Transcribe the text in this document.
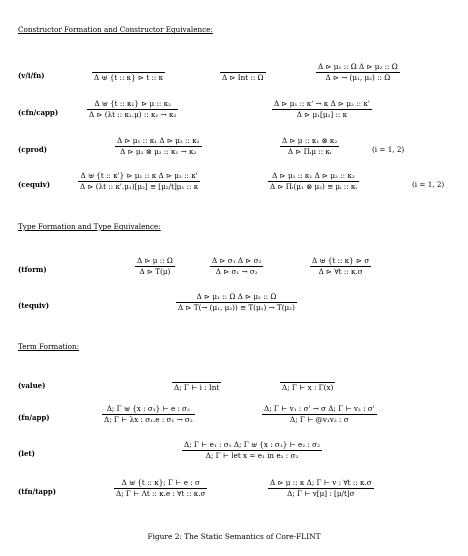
Constructor Formation and Constructor Equivalence:
(v/i/fn)	Δ ⊎ {t :: κ} ⊳ t :: κ	Δ ⊳ Int :: Ω
Δ ⊳ μ₁ :: Ω Δ ⊳ μ₂ :: Ω
Δ ⊳ → (μ₁, μ₂) :: Ω
(cfn/capp)
Δ ⊎ {t :: κ₁} ⊳ μ :: κ₂
Δ ⊳ (λt :: κ₁.μ) :: κ₁ → κ₂
Δ ⊳ μ₁ :: κ' → κ Δ ⊳ μ₂ :: κ'
Δ ⊳ μ₁[μ₂] :: κ
(cprod)
Δ ⊳ μ₁ :: κ₁ Δ ⊳ μ₂ :: κ₂
Δ ⊳ μ₁ ⊗ μ₂ :: κ₁ → κ₂
Δ ⊳ μ :: κ₁ ⊗ κ₂
Δ ⊳ Πᵢμ :: κᵢ	(i = 1, 2)
(cequiv)
Δ ⊎ {t :: κ'} ⊳ μ₁ :: κ Δ ⊳ μ₂ :: κ'
Δ ⊳ (λt :: κ'.μ₁)[μ₂] ≡ [μ₂/t]μ₁ :: κ
Δ ⊳ μ₁ :: κ₁ Δ ⊳ μ₂ :: κ₂
Δ ⊳ Πᵢ(μ₁ ⊗ μ₂) ≡ μᵢ :: κᵢ	(i = 1, 2)
Type Formation and Type Equivalence:
(tform)
Δ ⊳ μ :: Ω
Δ ⊳ T(μ)
Δ ⊳ σ₁ Δ ⊳ σ₂
Δ ⊳ σ₁ → σ₂
Δ ⊎ {t :: κ} ⊳ σ
Δ ⊳ ∀t :: κ.σ
(tequiv)
Δ ⊳ μ₁ :: Ω Δ ⊳ μ₂ :: Ω
Δ ⊳ T(→ (μ₁, μ₂)) ≡ T(μ₁) → T(μ₂)
Term Formation:
(value)	Δ; Γ ⊢ i : Int	Δ; Γ ⊢ x : Γ(x)
(fn/app)
Δ; Γ ⊎ {x : σ₁} ⊢ e : σ₂
Δ; Γ ⊢ λx : σ₁.e : σ₁ → σ₂
Δ; Γ ⊢ v₁ : σ' → σ Δ; Γ ⊢ v₂ : σ'
Δ; Γ ⊢ @v₁v₂ : σ
(let)
Δ; Γ ⊢ e₁ : σ₁ Δ; Γ ⊎ {x : σ₁} ⊢ e₂ : σ₂
Δ; Γ ⊢ let x = e₁ in e₂ : σ₂
(tfn/tapp)
Δ ⊎ {t :: κ}; Γ ⊢ e : σ
Δ; Γ ⊢ Λt :: κ.e : ∀t :: κ.σ
Δ ⊳ μ :: κ Δ; Γ ⊢ v : ∀t :: κ.σ
Δ; Γ ⊢ v[μ] : [μ/t]σ
Figure 2: The Static Semantics of Core-FLINT
